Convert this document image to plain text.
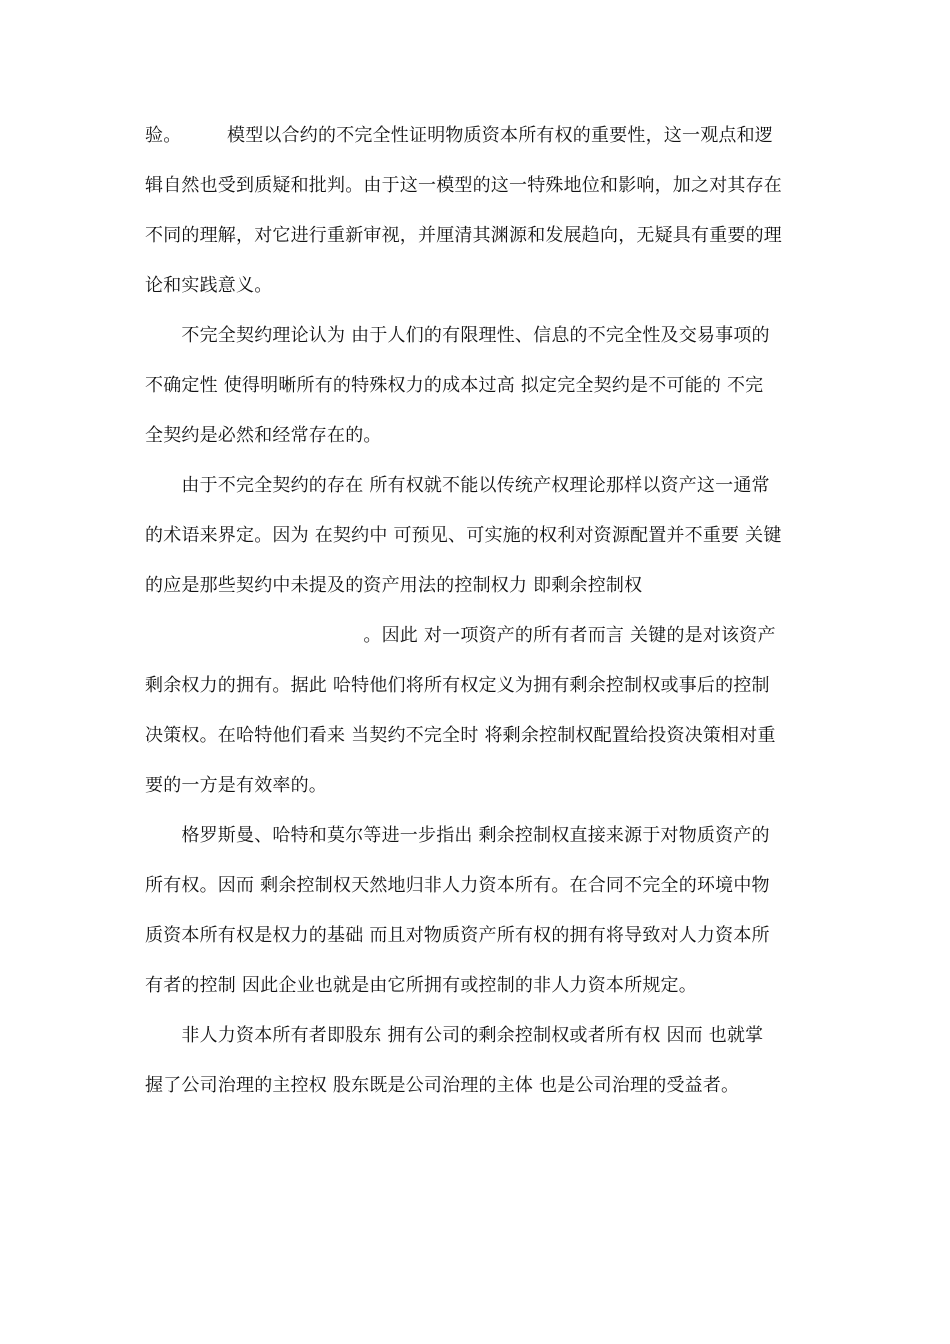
验。　　　模型以合约的不完全性证明物质资本所有权的重要性，这一观点和逻
辑自然也受到质疑和批判。由于这一模型的这一特殊地位和影响，加之对其存在
不同的理解，对它进行重新审视，并厘清其渊源和发展趋向，无疑具有重要的理
论和实践意义。
　　不完全契约理论认为 由于人们的有限理性、信息的不完全性及交易事项的
不确定性 使得明晰所有的特殊权力的成本过高 拟定完全契约是不可能的 不完
全契约是必然和经常存在的。
　　由于不完全契约的存在 所有权就不能以传统产权理论那样以资产这一通常
的术语来界定。因为 在契约中 可预见、可实施的权利对资源配置并不重要 关键
的应是那些契约中未提及的资产用法的控制权力 即剩余控制权
　　　　　　　　　　　　。因此 对一项资产的所有者而言 关键的是对该资产
剩余权力的拥有。据此 哈特他们将所有权定义为拥有剩余控制权或事后的控制
决策权。在哈特他们看来 当契约不完全时 将剩余控制权配置给投资决策相对重
要的一方是有效率的。
　　格罗斯曼、哈特和莫尔等进一步指出 剩余控制权直接来源于对物质资产的
所有权。因而 剩余控制权天然地归非人力资本所有。在合同不完全的环境中物
质资本所有权是权力的基础 而且对物质资产所有权的拥有将导致对人力资本所
有者的控制 因此企业也就是由它所拥有或控制的非人力资本所规定。
　　非人力资本所有者即股东 拥有公司的剩余控制权或者所有权 因而 也就掌
握了公司治理的主控权 股东既是公司治理的主体 也是公司治理的受益者。
